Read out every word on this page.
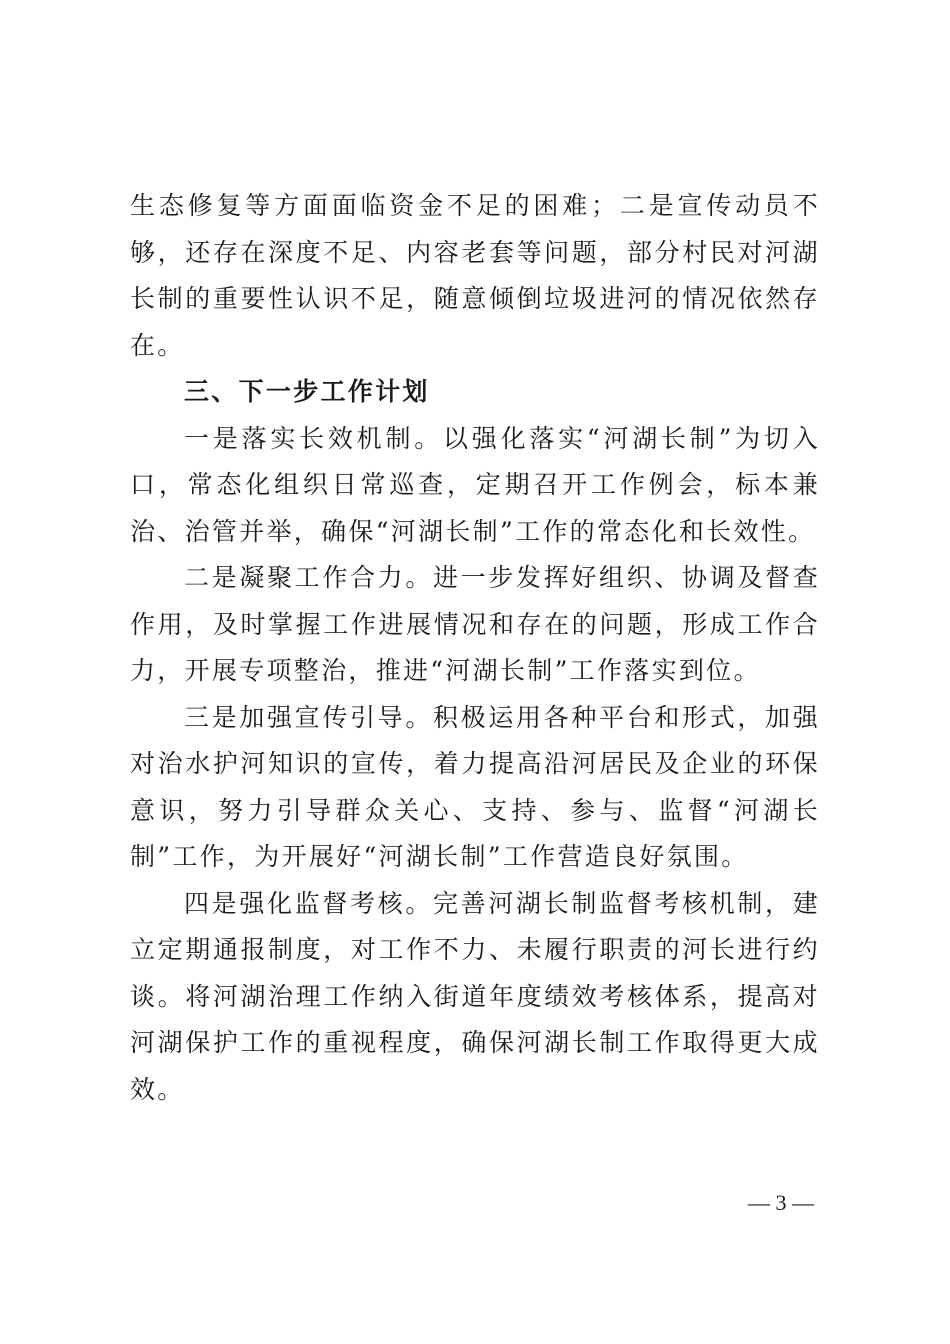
生态修复等方面面临资金不足的困难；二是宣传动员不够，还存在深度不足、内容老套等问题，部分村民对河湖长制的重要性认识不足，随意倾倒垃圾进河的情况依然存在。

三、下一步工作计划

一是落实长效机制。以强化落实“河湖长制”为切入口，常态化组织日常巡查，定期召开工作例会，标本兼治、治管并举，确保“河湖长制”工作的常态化和长效性。

二是凝聚工作合力。进一步发挥好组织、协调及督查作用，及时掌握工作进展情况和存在的问题，形成工作合力，开展专项整治，推进“河湖长制”工作落实到位。

三是加强宣传引导。积极运用各种平台和形式，加强对治水护河知识的宣传，着力提高沿河居民及企业的环保意识，努力引导群众关心、支持、参与、监督“河湖长制”工作，为开展好“河湖长制”工作营造良好氛围。

四是强化监督考核。完善河湖长制监督考核机制，建立定期通报制度，对工作不力、未履行职责的河长进行约谈。将河湖治理工作纳入街道年度绩效考核体系，提高对河湖保护工作的重视程度，确保河湖长制工作取得更大成效。

— 3 —
